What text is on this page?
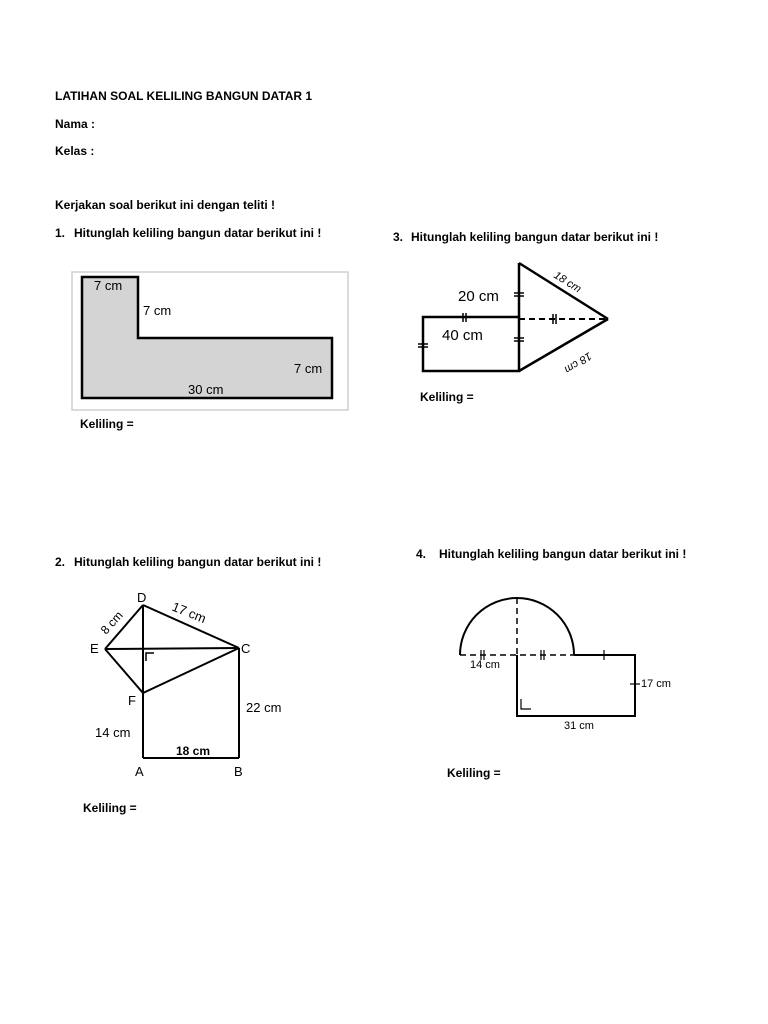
LATIHAN SOAL KELILING BANGUN DATAR 1
Nama :
Kelas :
Kerjakan soal berikut ini dengan teliti !
1. Hitunglah keliling bangun datar berikut ini !
7 cm
7 cm
7 cm
30 cm
Keliling =
3. Hitunglah keliling bangun datar berikut ini !
20 cm
40 cm
18 cm
18 cm
Keliling =
2. Hitunglah keliling bangun datar berikut ini !
D
E	C
F
A	B
8 cm	17 cm
22 cm
14 cm
18 cm
Keliling =
4. Hitunglah keliling bangun datar berikut ini !
14 cm
17 cm
31 cm
Keliling =
